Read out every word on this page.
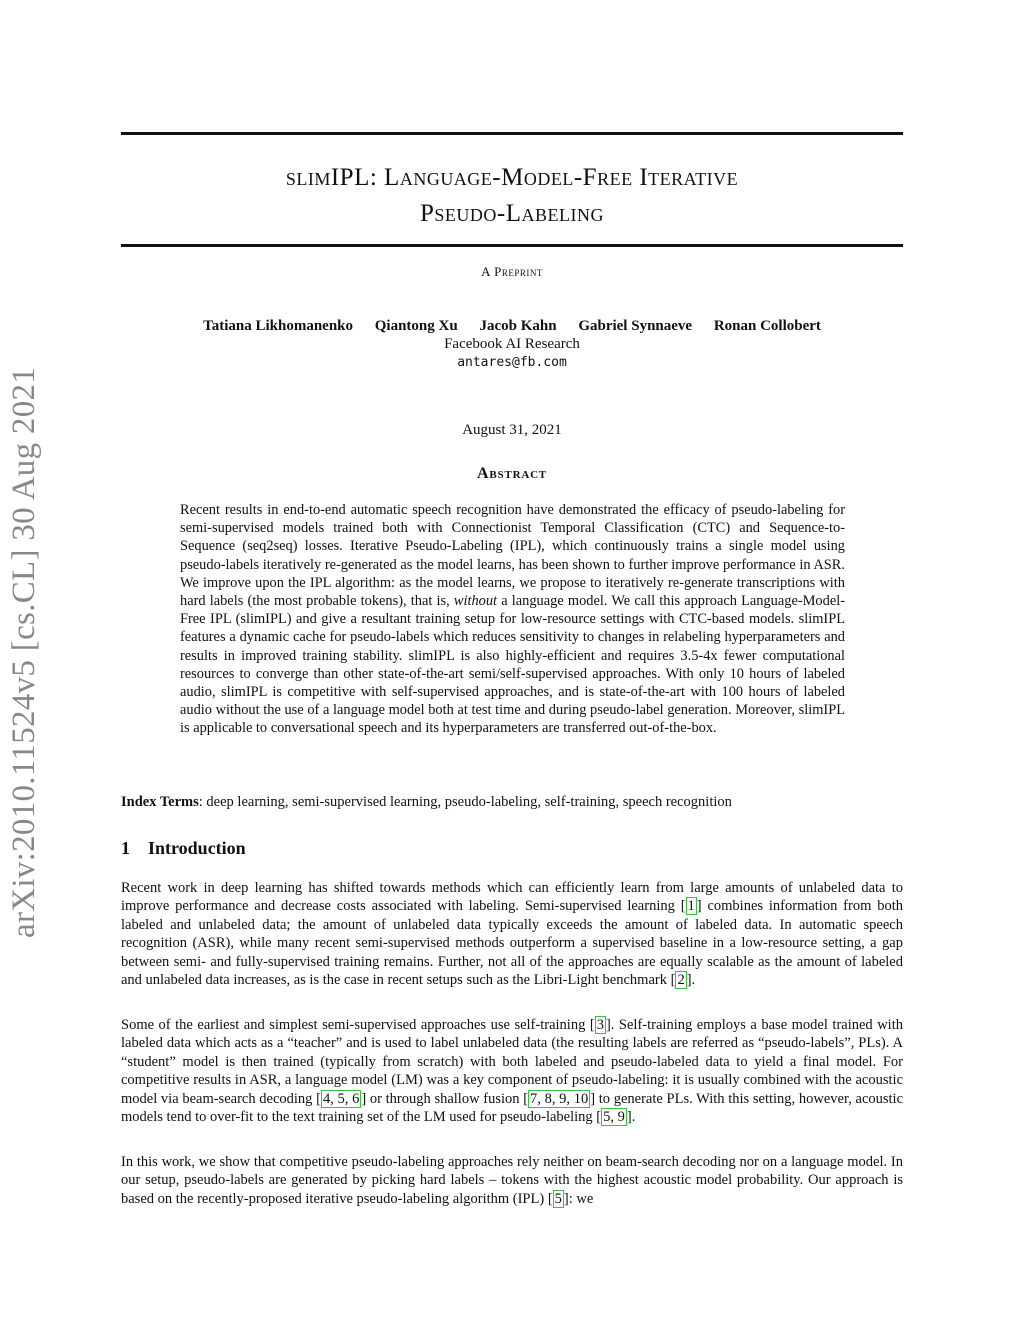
arXiv:2010.11524v5 [cs.CL] 30 Aug 2021
slimIPL: Language-Model-Free Iterative
Pseudo-Labeling
A Preprint
Tatiana Likhomanenko Qiantong Xu Jacob Kahn Gabriel Synnaeve Ronan Collobert
Facebook AI Research
antares@fb.com
August 31, 2021
Abstract
Recent results in end-to-end automatic speech recognition have demonstrated the efficacy of pseudo-labeling for semi-supervised models trained both with Connectionist Temporal Classification (CTC) and Sequence-to-Sequence (seq2seq) losses. Iterative Pseudo-Labeling (IPL), which continuously trains a single model using pseudo-labels iteratively re-generated as the model learns, has been shown to further improve performance in ASR. We improve upon the IPL algorithm: as the model learns, we propose to iteratively re-generate transcriptions with hard labels (the most probable tokens), that is, without a language model. We call this approach Language-Model-Free IPL (slimIPL) and give a resultant training setup for low-resource settings with CTC-based models. slimIPL features a dynamic cache for pseudo-labels which reduces sensitivity to changes in relabeling hyperparameters and results in improved training stability. slimIPL is also highly-efficient and requires 3.5-4x fewer computational resources to converge than other state-of-the-art semi/self-supervised approaches. With only 10 hours of labeled audio, slimIPL is competitive with self-supervised approaches, and is state-of-the-art with 100 hours of labeled audio without the use of a language model both at test time and during pseudo-label generation. Moreover, slimIPL is applicable to conversational speech and its hyperparameters are transferred out-of-the-box.
Index Terms: deep learning, semi-supervised learning, pseudo-labeling, self-training, speech recognition
1 Introduction
Recent work in deep learning has shifted towards methods which can efficiently learn from large amounts of unlabeled data to improve performance and decrease costs associated with labeling. Semi-supervised learning [ 1 ] combines information from both labeled and unlabeled data; the amount of unlabeled data typically exceeds the amount of labeled data. In automatic speech recognition (ASR), while many recent semi-supervised methods outperform a supervised baseline in a low-resource setting, a gap between semi- and fully-supervised training remains. Further, not all of the approaches are equally scalable as the amount of labeled and unlabeled data increases, as is the case in recent setups such as the Libri-Light benchmark [ 2 ].
Some of the earliest and simplest semi-supervised approaches use self-training [ 3 ]. Self-training employs a base model trained with labeled data which acts as a “teacher” and is used to label unlabeled data (the resulting labels are referred as “pseudo-labels”, PLs). A “student” model is then trained (typically from scratch) with both labeled and pseudo-labeled data to yield a final model. For competitive results in ASR, a language model (LM) was a key component of pseudo-labeling: it is usually combined with the acoustic model via beam-search decoding [ 4, 5, 6 ] or through shallow fusion [ 7, 8, 9, 10 ] to generate PLs. With this setting, however, acoustic models tend to over-fit to the text training set of the LM used for pseudo-labeling [ 5, 9 ].
In this work, we show that competitive pseudo-labeling approaches rely neither on beam-search decoding nor on a language model. In our setup, pseudo-labels are generated by picking hard labels – tokens with the highest acoustic model probability. Our approach is based on the recently-proposed iterative pseudo-labeling algorithm (IPL) [ 5 ]: we
